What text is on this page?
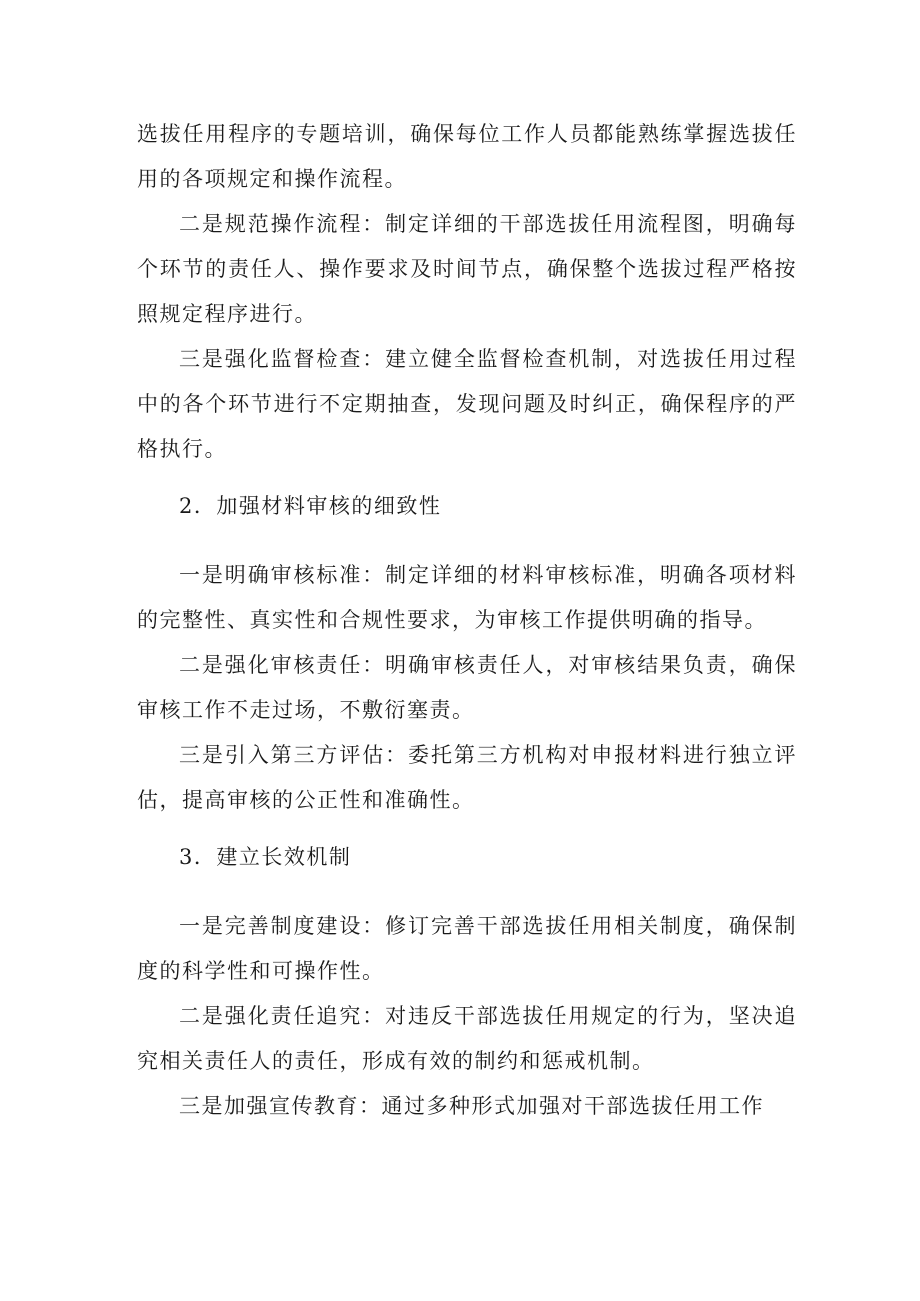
选拔任用程序的专题培训，确保每位工作人员都能熟练掌握选拔任用的各项规定和操作流程。

二是规范操作流程：制定详细的干部选拔任用流程图，明确每个环节的责任人、操作要求及时间节点，确保整个选拔过程严格按照规定程序进行。

三是强化监督检查：建立健全监督检查机制，对选拔任用过程中的各个环节进行不定期抽查，发现问题及时纠正，确保程序的严格执行。

2．加强材料审核的细致性

一是明确审核标准：制定详细的材料审核标准，明确各项材料的完整性、真实性和合规性要求，为审核工作提供明确的指导。

二是强化审核责任：明确审核责任人，对审核结果负责，确保审核工作不走过场，不敷衍塞责。

三是引入第三方评估：委托第三方机构对申报材料进行独立评估，提高审核的公正性和准确性。

3．建立长效机制

一是完善制度建设：修订完善干部选拔任用相关制度，确保制度的科学性和可操作性。

二是强化责任追究：对违反干部选拔任用规定的行为，坚决追究相关责任人的责任，形成有效的制约和惩戒机制。

三是加强宣传教育：通过多种形式加强对干部选拔任用工作
